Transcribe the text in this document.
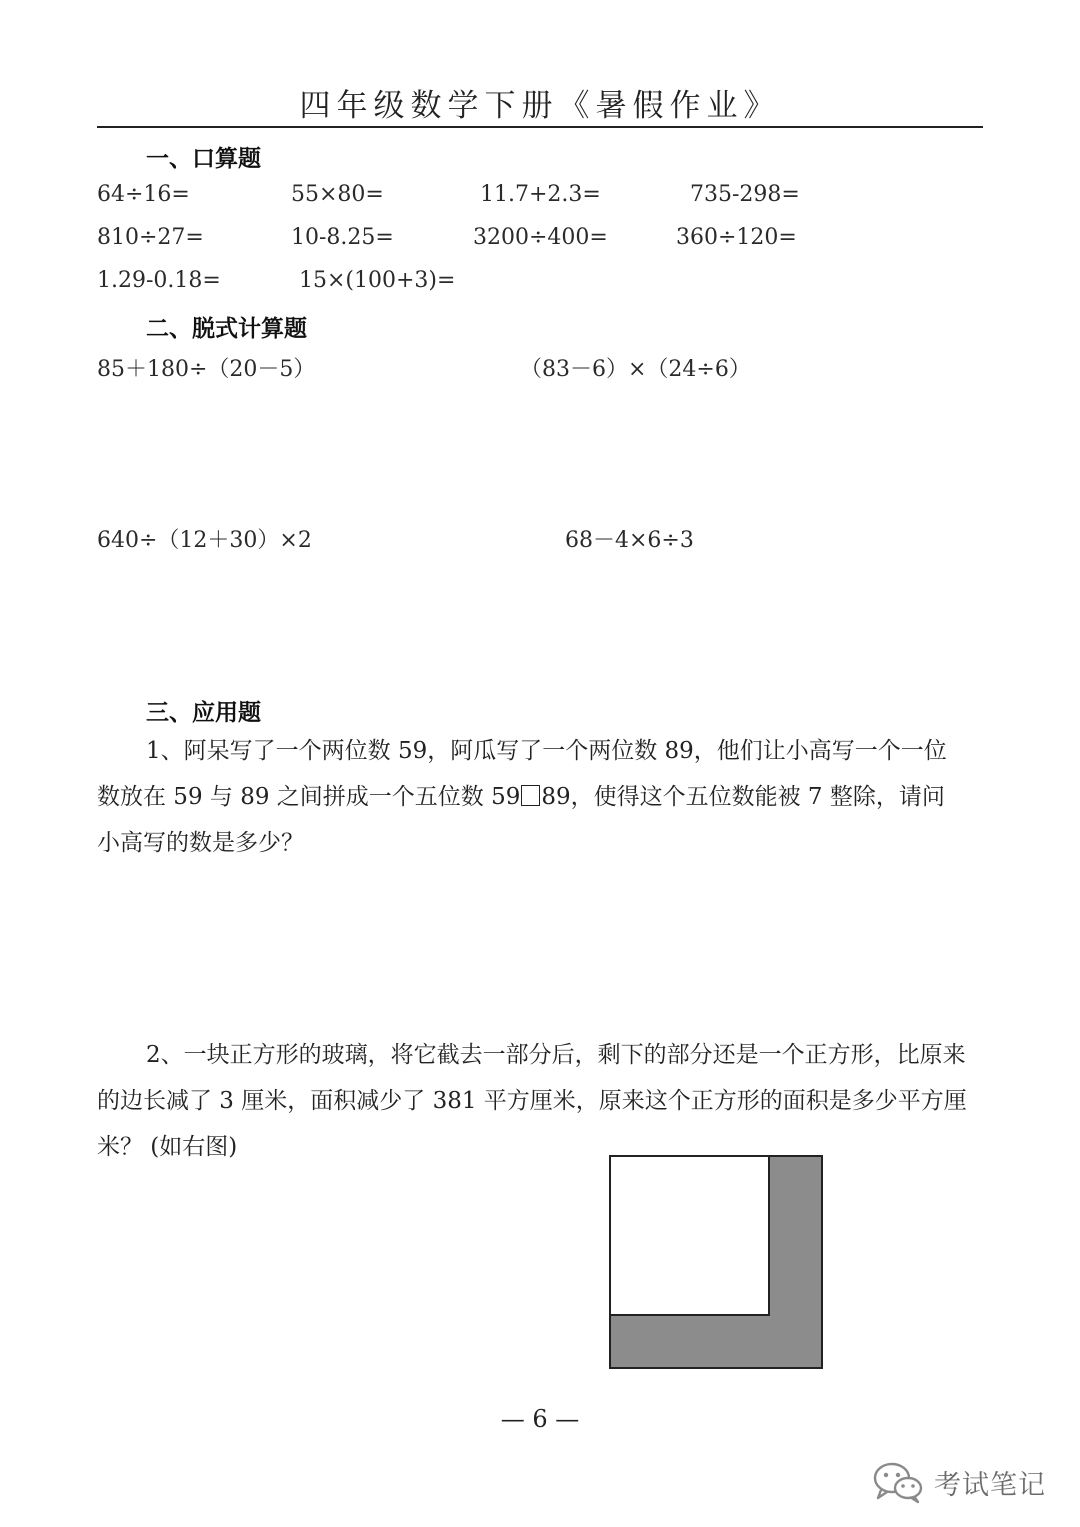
四年级数学下册《暑假作业》
一、口算题
64÷16=	55×80=	11.7+2.3=	735-298=
810÷27=	10-8.25=	3200÷400=	360÷120=
1.29-0.18=	15×(100+3)=
二、脱式计算题
85＋180÷（20－5）	（83－6）×（24÷6）
640÷（12＋30）×2	68－4×6÷3
三、应用题
1、阿呆写了一个两位数 59，阿瓜写了一个两位数 89，他们让小高写一个一位数放在 59 与 89 之间拼成一个五位数 59 89，使得这个五位数能被 7 整除，请问小高写的数是多少？
2、一块正方形的玻璃，将它截去一部分后，剩下的部分还是一个正方形，比原来的边长减了 3 厘米，面积减少了 381 平方厘米，原来这个正方形的面积是多少平方厘米？ (如右图)
— 6 —
考试笔记
